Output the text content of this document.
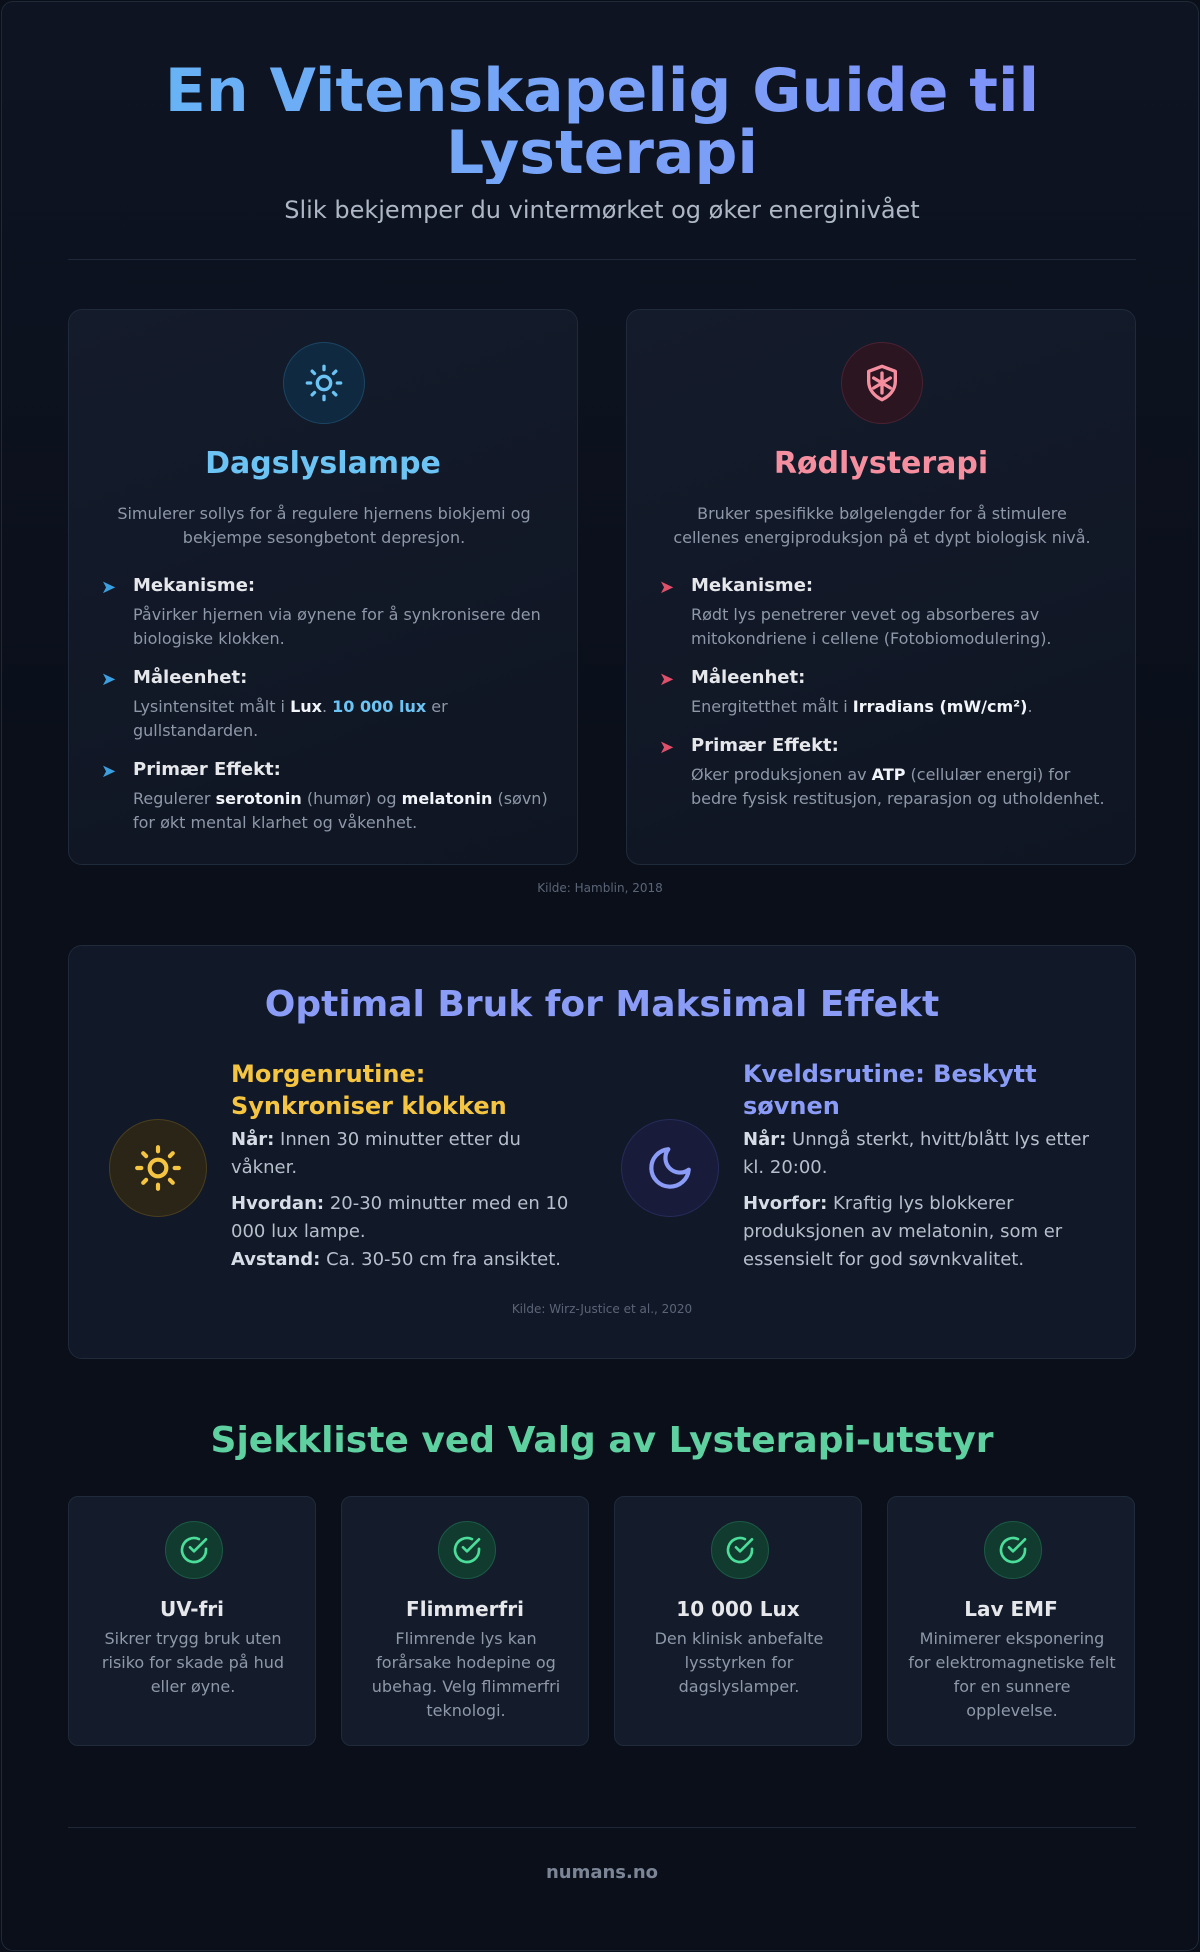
En Vitenskapelig Guide til Lysterapi
Slik bekjemper du vintermørket og øker energinivået
Dagslyslampe
Simulerer sollys for å regulere hjernens biokjemi og bekjempe sesongbetont depresjon.
➤ Mekanisme:
Påvirker hjernen via øynene for å synkronisere den biologiske klokken.
➤ Måleenhet:
Lysintensitet målt i Lux. 10 000 lux er gullstandarden.
➤ Primær Effekt:
Regulerer serotonin (humør) og melatonin (søvn) for økt mental klarhet og våkenhet.
Rødlysterapi
Bruker spesifikke bølgelengder for å stimulere cellenes energiproduksjon på et dypt biologisk nivå.
➤ Mekanisme:
Rødt lys penetrerer vevet og absorberes av mitokondriene i cellene (Fotobiomodulering).
➤ Måleenhet:
Energitetthet målt i Irradians (mW/cm²).
➤ Primær Effekt:
Øker produksjonen av ATP (cellulær energi) for bedre fysisk restitusjon, reparasjon og utholdenhet.
Kilde: Hamblin, 2018
Optimal Bruk for Maksimal Effekt
Morgenrutine: Synkroniser klokken
Når: Innen 30 minutter etter du våkner.
Hvordan: 20-30 minutter med en 10 000 lux lampe.
Avstand: Ca. 30-50 cm fra ansiktet.
Kveldsrutine: Beskytt søvnen
Når: Unngå sterkt, hvitt/blått lys etter kl. 20:00.
Hvorfor: Kraftig lys blokkerer produksjonen av melatonin, som er essensielt for god søvnkvalitet.
Kilde: Wirz-Justice et al., 2020
Sjekkliste ved Valg av Lysterapi-utstyr
UV-fri
Sikrer trygg bruk uten risiko for skade på hud eller øyne.
Flimmerfri
Flimrende lys kan forårsake hodepine og ubehag. Velg flimmerfri teknologi.
10 000 Lux
Den klinisk anbefalte lysstyrken for dagslyslamper.
Lav EMF
Minimerer eksponering for elektromagnetiske felt for en sunnere opplevelse.
numans.no
